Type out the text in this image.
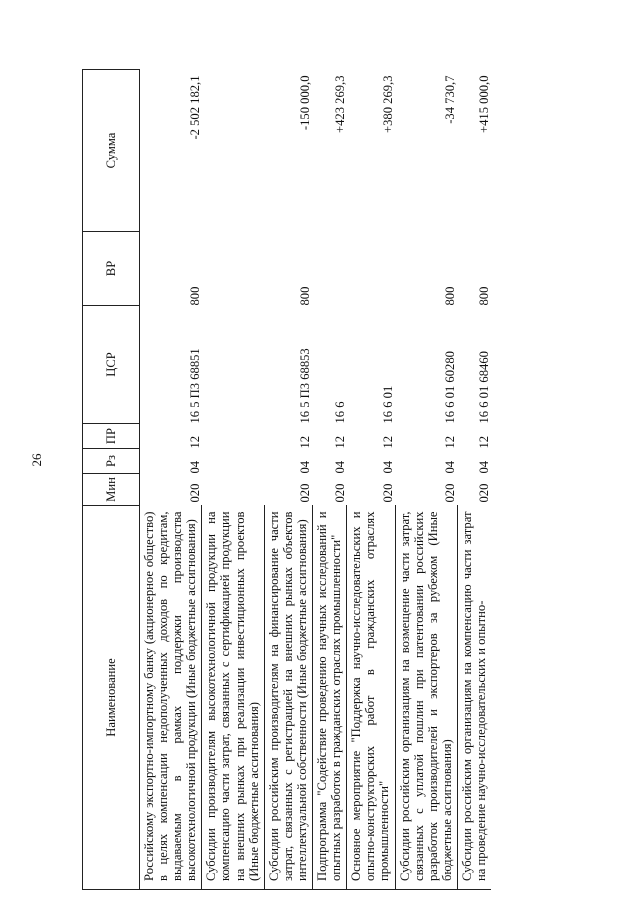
26
Наименование	Мин	Рз	ПР	ЦСР	ВР	Сумма
Российскому экспортно-импортному банку (акционерное общество) в целях компенсации недополученных доходов по кредитам, выдаваемым в рамках поддержки производства высокотехнологичной продукции (Иные бюджетные ассигнования)	020	04	12	16 5 П3 68851	800	-2 502 182,1
Субсидии производителям высокотехнологичной продукции на компенсацию части затрат, связанных с сертификацией продукции на внешних рынках при реализации инвестиционных проектов (Иные бюджетные ассигнования)						
Субсидии российским производителям на финансирование части затрат, связанных с регистрацией на внешних рынках объектов интеллектуальной собственности (Иные бюджетные ассигнования)	020	04	12	16 5 П3 68853	800	-150 000,0
Подпрограмма "Содействие проведению научных исследований и опытных разработок в гражданских отраслях промышленности"	020	04	12	16 6		+423 269,3
Основное мероприятие "Поддержка научно-исследовательских и опытно-конструкторских работ в гражданских отраслях промышленности"	020	04	12	16 6 01		+380 269,3
Субсидии российским организациям на возмещение части затрат, связанных с уплатой пошлин при патентовании российских разработок производителей и экспортеров за рубежом (Иные бюджетные ассигнования)	020	04	12	16 6 01 60280	800	-34 730,7
Субсидии российским организациям на компенсацию части затрат на проведение научно-исследовательских и опытно-	020	04	12	16 6 01 68460	800	+415 000,0
